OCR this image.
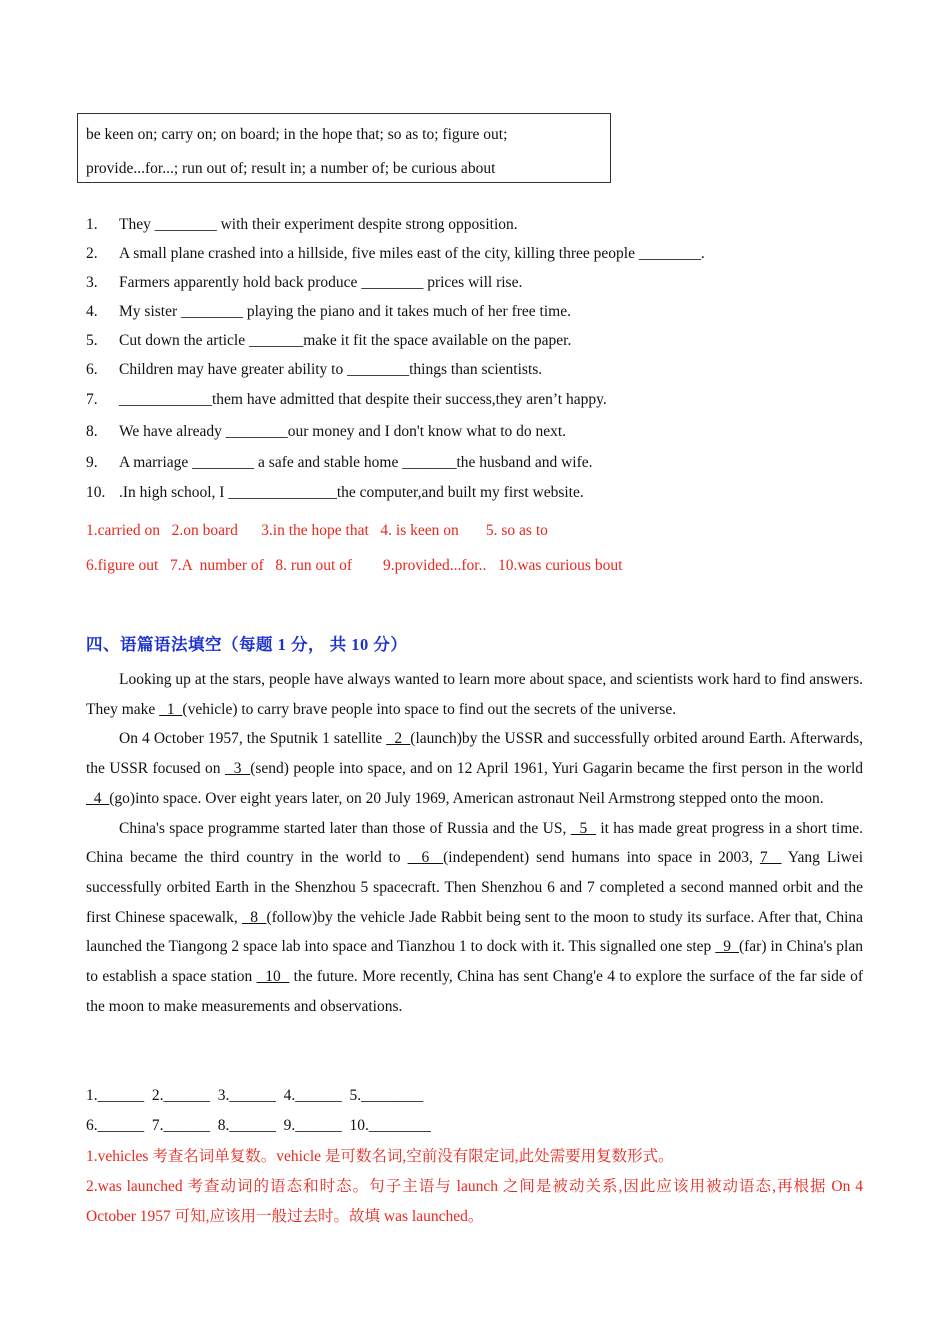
be keen on; carry on; on board; in the hope that; so as to; figure out;
provide...for...; run out of; result in; a number of; be curious about
1.	They ________ with their experiment despite strong opposition.
2.	A small plane crashed into a hillside, five miles east of the city, killing three people ________.
3.	Farmers apparently hold back produce ________ prices will rise.
4.	My sister ________ playing the piano and it takes much of her free time.
5.	Cut down the article _______make it fit the space available on the paper.
6.	Children may have greater ability to ________things than scientists.
7.	____________them have admitted that despite their success,they aren’t happy.
8.	We have already ________our money and I don't know what to do next.
9.	A marriage ________ a safe and stable home _______the husband and wife.
10. .In high school, I ______________the computer,and built my first website.
1.carried on   2.on board      3.in the hope that   4. is keen on       5. so as to
6.figure out   7.A  number of   8. run out of        9.provided...for..   10.was curious bout
四、语篇语法填空（每题 1 分， 共 10 分）

Looking up at the stars, people have always wanted to learn more about space, and scientists work hard to find answers. They make   1  (vehicle) to carry brave people into space to find out the secrets of the universe.

On 4 October 1957, the Sputnik 1 satellite   2  (launch)by the USSR and successfully orbited around Earth. Afterwards, the USSR focused on   3  (send) people into space, and on 12 April 1961, Yuri Gagarin became the first person in the world   4  (go)into space. Over eight years later, on 20 July 1969, American astronaut Neil Armstrong stepped onto the moon.

China's space programme started later than those of Russia and the US,   5   it has made great progress in a short time. China became the third country in the world to   6  (independent) send humans into space in 2003, 7   Yang Liwei successfully orbited Earth in the Shenzhou 5 spacecraft. Then Shenzhou 6 and 7 completed a second manned orbit and the first Chinese spacewalk,   8  (follow)by the vehicle Jade Rabbit being sent to the moon to study its surface. After that, China launched the Tiangong 2 space lab into space and Tianzhou 1 to dock with it. This signalled one step   9  (far) in China's plan to establish a space station   10   the future. More recently, China has sent Chang'e 4 to explore the surface of the far side of the moon to make measurements and observations.

1.______  2.______  3.______  4.______  5.________
6.______  7.______  8.______  9.______  10.________

1.vehicles 考查名词单复数。vehicle 是可数名词,空前没有限定词,此处需要用复数形式。

2.was launched 考查动词的语态和时态。句子主语与 launch 之间是被动关系,因此应该用被动语态,再根据 On 4 October 1957 可知,应该用一般过去时。故填 was launched。
